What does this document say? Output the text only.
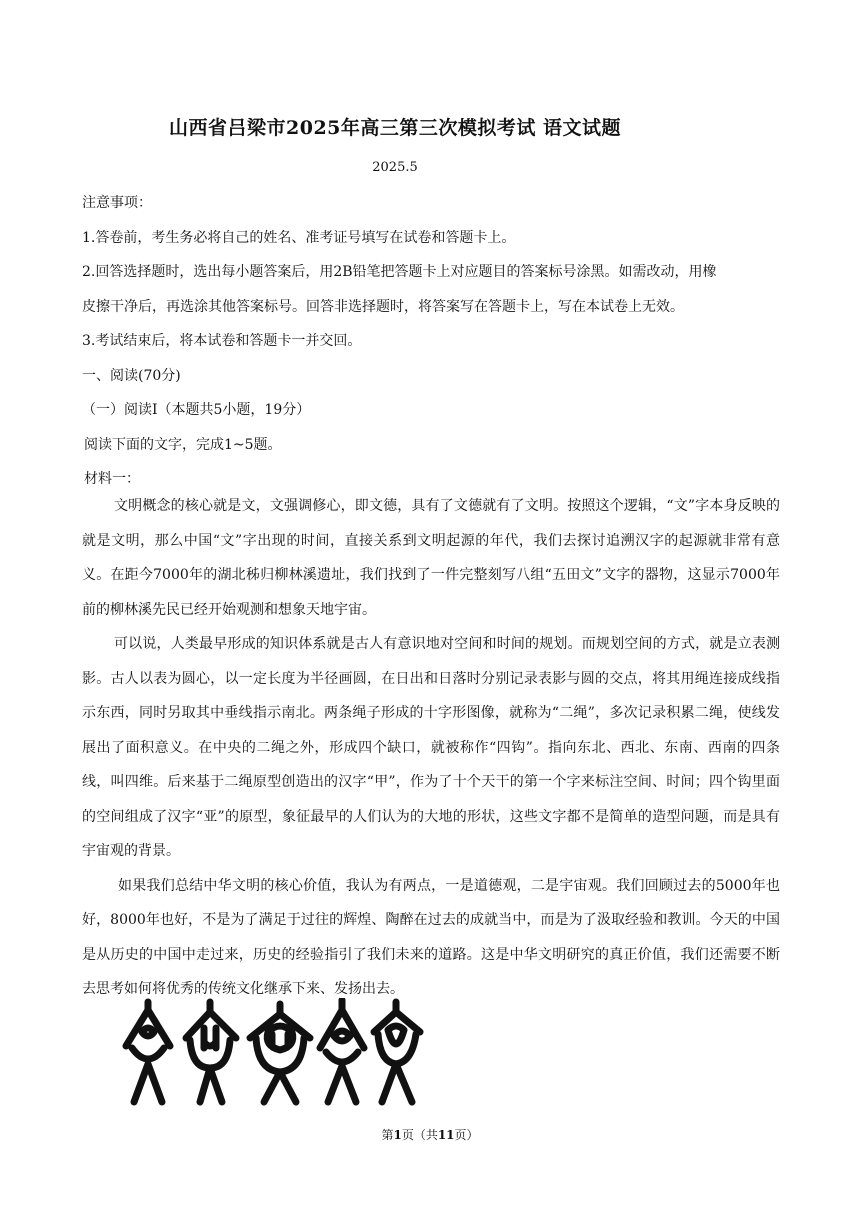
山西省吕梁市2025年高三第三次模拟考试 语文试题
2025.5
注意事项：
1.答卷前，考生务必将自己的姓名、准考证号填写在试卷和答题卡上。
2.回答选择题时，选出每小题答案后，用2B铅笔把答题卡上对应题目的答案标号涂黑。如需改动，用橡
皮擦干净后，再选涂其他答案标号。回答非选择题时，将答案写在答题卡上，写在本试卷上无效。
3.考试结束后，将本试卷和答题卡一并交回。
一、阅读(70分)
（一）阅读Ⅰ（本题共5小题，19分）
阅读下面的文字，完成1~5题。
材料一：

文明概念的核心就是文，文强调修心，即文德，具有了文德就有了文明。按照这个逻辑，“文”字本身反映的就是文明，那么中国“文”字出现的时间，直接关系到文明起源的年代，我们去探讨追溯汉字的起源就非常有意义。在距今7000年的湖北秭归柳林溪遗址，我们找到了一件完整刻写八组“五田文”文字的器物，这显示7000年前的柳林溪先民已经开始观测和想象天地宇宙。

可以说，人类最早形成的知识体系就是古人有意识地对空间和时间的规划。而规划空间的方式，就是立表测影。古人以表为圆心，以一定长度为半径画圆，在日出和日落时分别记录表影与圆的交点，将其用绳连接成线指示东西，同时另取其中垂线指示南北。两条绳子形成的十字形图像，就称为“二绳”，多次记录积累二绳，使线发展出了面积意义。在中央的二绳之外，形成四个缺口，就被称作“四钩”。指向东北、西北、东南、西南的四条线，叫四维。后来基于二绳原型创造出的汉字“甲”，作为了十个天干的第一个字来标注空间、时间；四个钩里面的空间组成了汉字“亚”的原型，象征最早的人们认为的大地的形状，这些文字都不是简单的造型问题，而是具有宇宙观的背景。

如果我们总结中华文明的核心价值，我认为有两点，一是道德观，二是宇宙观。我们回顾过去的5000年也好，8000年也好，不是为了满足于过往的辉煌、陶醉在过去的成就当中，而是为了汲取经验和教训。今天的中国是从历史的中国中走过来，历史的经验指引了我们未来的道路。这是中华文明研究的真正价值，我们还需要不断去思考如何将优秀的传统文化继承下来、发扬出去。

第1页（共11页）
